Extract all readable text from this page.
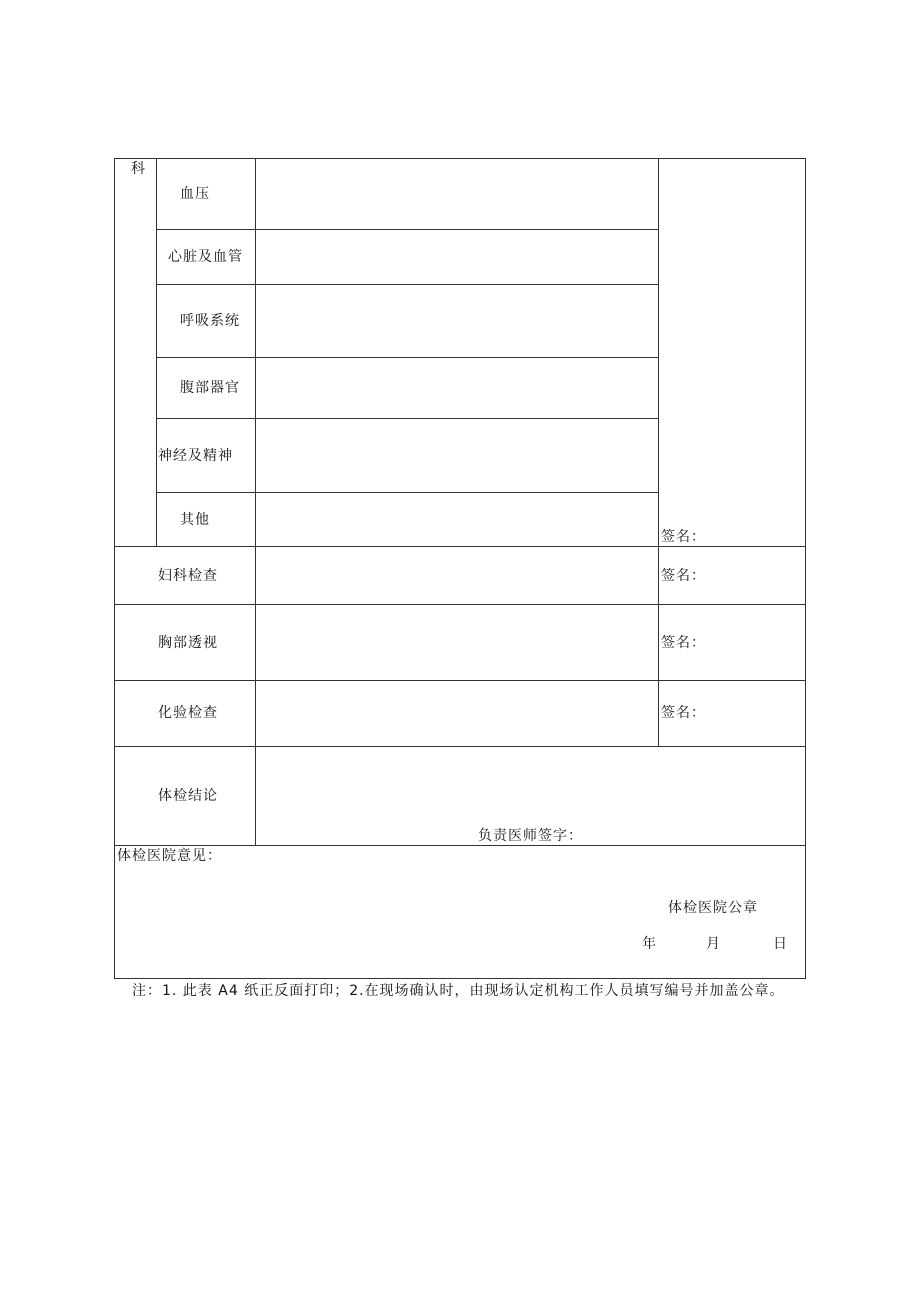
科
血压
心脏及血管
呼吸系统
腹部器官
神经及精神
其他
签名：
签名：
签名：
签名：
妇科检查
胸部透视
化验检查
体检结论
负责医师签字：
体检医院意见：
体检医院公章
年	月	日
注：1. 此表 A4 纸正反面打印；2.在现场确认时，由现场认定机构工作人员填写编号并加盖公章。
